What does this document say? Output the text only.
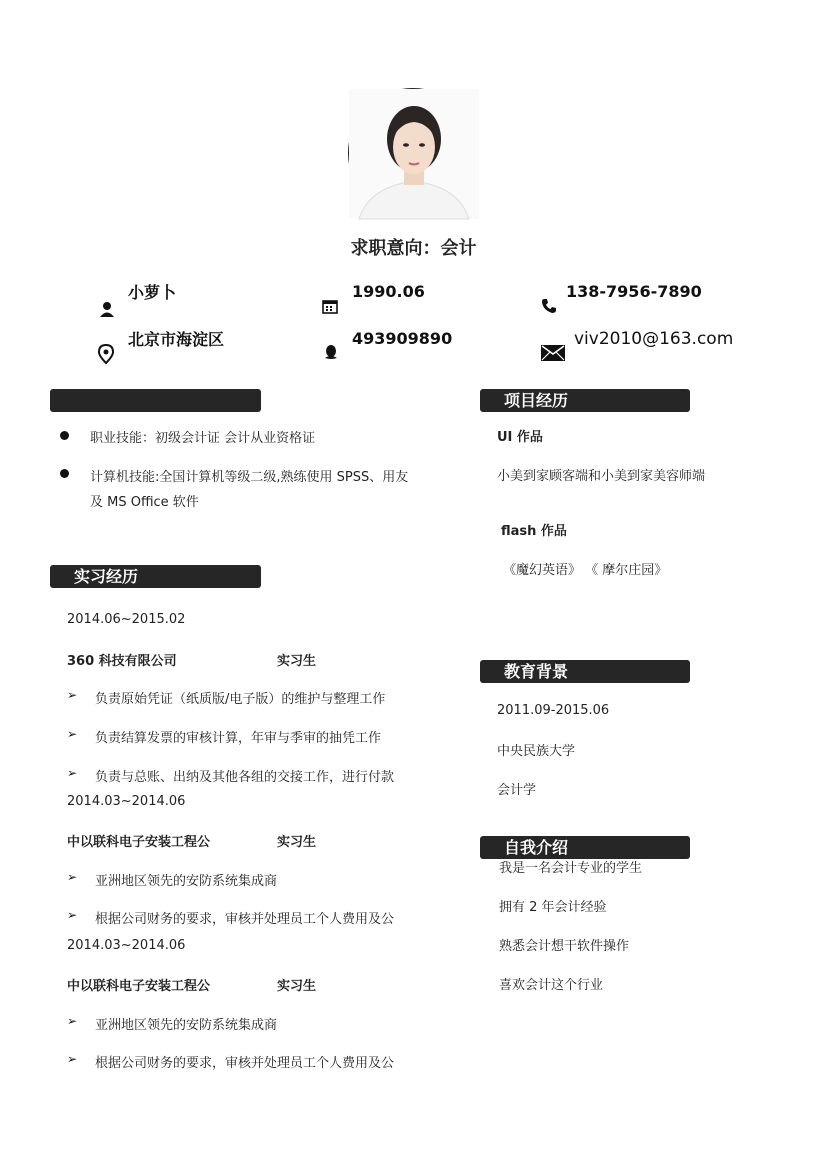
求职意向：会计
小萝卜	1990.06	138-7956-7890
北京市海淀区	493909890	viv2010@163.com
职业技能：初级会计证 会计从业资格证
计算机技能:全国计算机等级二级,熟练使用 SPSS、用友
及 MS Office 软件
实习经历
2014.06~2015.02
360 科技有限公司	实习生
➢ 负责原始凭证（纸质版/电子版）的维护与整理工作
➢ 负责结算发票的审核计算，年审与季审的抽凭工作
➢ 负责与总账、出纳及其他各组的交接工作，进行付款
2014.03~2014.06
中以联科电子安装工程公	实习生
➢ 亚洲地区领先的安防系统集成商
➢ 根据公司财务的要求，审核并处理员工个人费用及公
2014.03~2014.06
中以联科电子安装工程公	实习生
➢ 亚洲地区领先的安防系统集成商
➢ 根据公司财务的要求，审核并处理员工个人费用及公
项目经历
UI 作品
小美到家顾客端和小美到家美容师端
flash 作品
《魔幻英语》 《 摩尔庄园》
教育背景
2011.09-2015.06
中央民族大学
会计学
我是一名会计专业的学生
自我介绍
拥有 2 年会计经验
熟悉会计想干软件操作
喜欢会计这个行业
